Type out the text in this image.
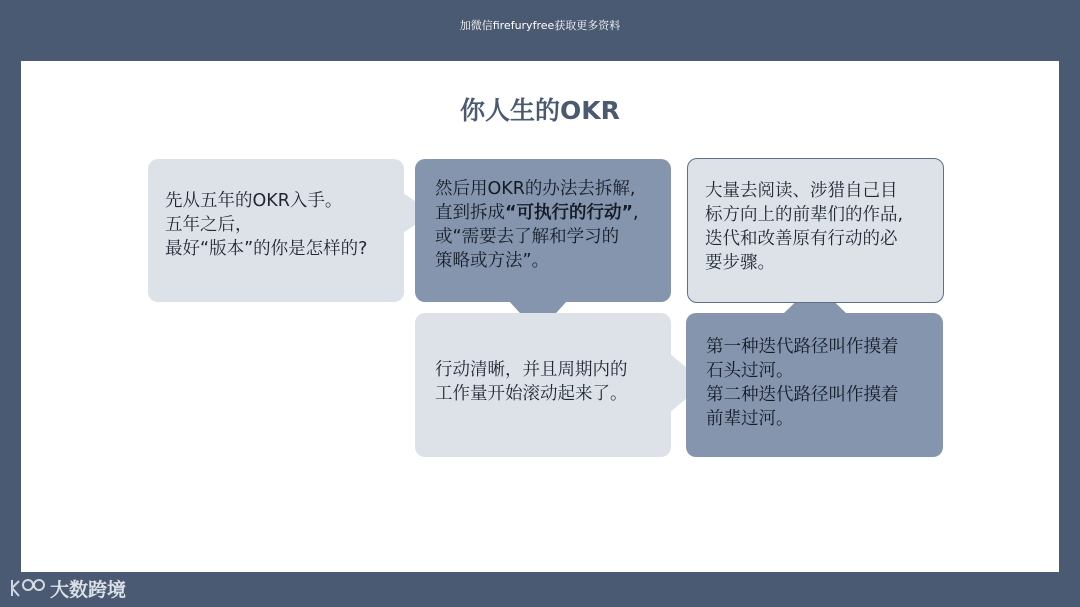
加微信firefuryfree获取更多资料
你人生的OKR
先从五年的OKR入手。
五年之后，
最好“版本”的你是怎样的?
然后用OKR的办法去拆解,
直到拆成“可执行的行动”,
或“需要去了解和学习的
策略或方法”。
大量去阅读、涉猎自己目
标方向上的前辈们的作品,
迭代和改善原有行动的必
要步骤。
行动清晰，并且周期内的
工作量开始滚动起来了。
第一种迭代路径叫作摸着
石头过河。
第二种迭代路径叫作摸着
前辈过河。
大数跨境
